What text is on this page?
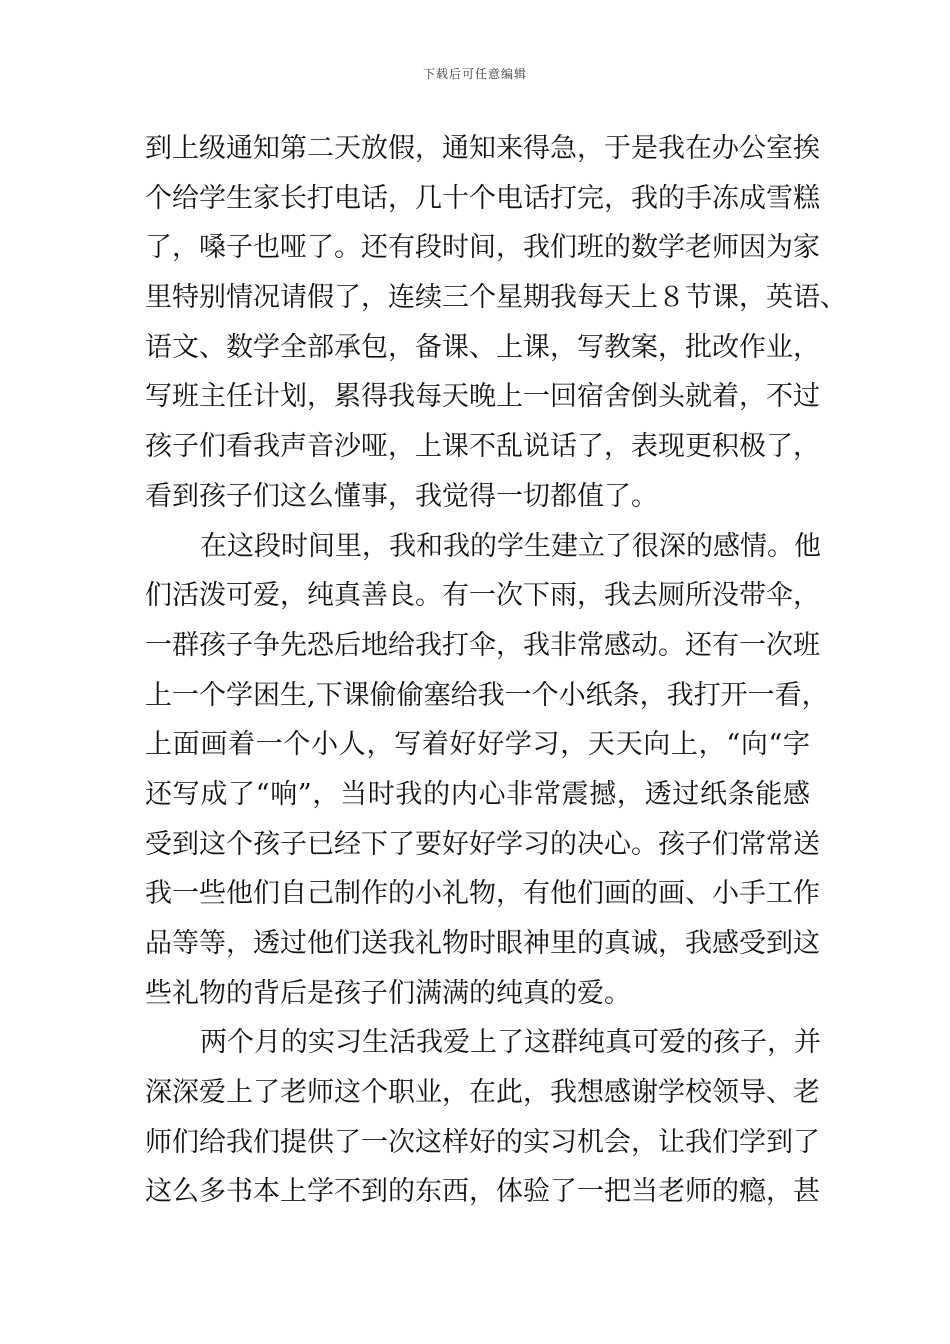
下载后可任意编辑
到上级通知第二天放假，通知来得急，于是我在办公室挨
个给学生家长打电话，几十个电话打完，我的手冻成雪糕
了，嗓子也哑了。还有段时间，我们班的数学老师因为家
里特别情况请假了，连续三个星期我每天上８节课，英语、
语文、数学全部承包，备课、上课，写教案，批改作业，
写班主任计划，累得我每天晚上一回宿舍倒头就着，不过
孩子们看我声音沙哑，上课不乱说话了，表现更积极了，
看到孩子们这么懂事，我觉得一切都值了。
在这段时间里，我和我的学生建立了很深的感情。他
们活泼可爱，纯真善良。有一次下雨，我去厕所没带伞，
一群孩子争先恐后地给我打伞，我非常感动。还有一次班
上一个学困生,下课偷偷塞给我一个小纸条，我打开一看，
上面画着一个小人，写着好好学习，天天向上，“向“字
还写成了“响”，当时我的内心非常震撼，透过纸条能感
受到这个孩子已经下了要好好学习的决心。孩子们常常送
我一些他们自己制作的小礼物，有他们画的画、小手工作
品等等，透过他们送我礼物时眼神里的真诚，我感受到这
些礼物的背后是孩子们满满的纯真的爱。
两个月的实习生活我爱上了这群纯真可爱的孩子，并
深深爱上了老师这个职业，在此，我想感谢学校领导、老
师们给我们提供了一次这样好的实习机会，让我们学到了
这么多书本上学不到的东西，体验了一把当老师的瘾，甚
